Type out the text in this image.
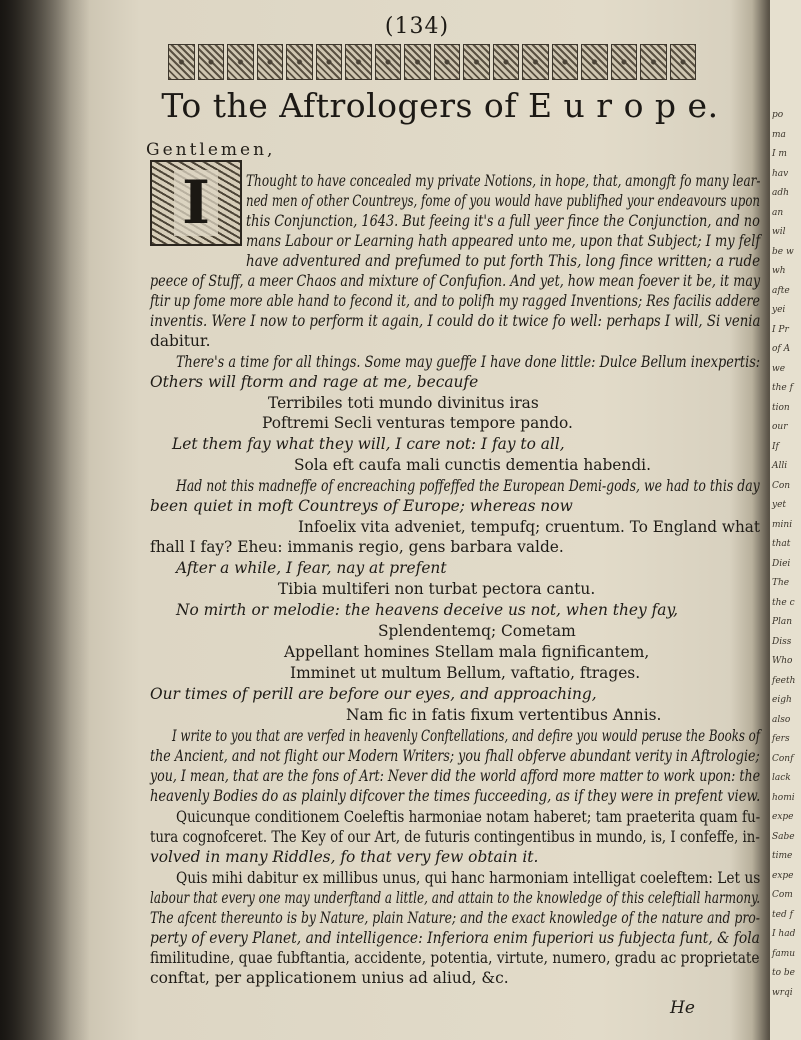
(134)
To the Aftrologers of E u r o p e.
Gentlemen,
I	Thought to have concealed my private Notions, in hope, that, amongft fo many lear-
ned men of other Countreys, fome of you would have publifhed your endeavours upon
this Conjunction, 1643. But feeing it's a full yeer fince the Conjunction, and no
mans Labour or Learning hath appeared unto me, upon that Subject; I my felf
have adventured and prefumed to put forth This, long fince written; a rude
peece of Stuff, a meer Chaos and mixture of Confufion. And yet, how mean foever it be, it may
ftir up fome more able hand to fecond it, and to polifh my ragged Inventions; Res facilis addere
inventis. Were I now to perform it again, I could do it twice fo well: perhaps I will, Si venia
dabitur.
There's a time for all things. Some may gueffe I have done little: Dulce Bellum inexpertis:
Others will ftorm and rage at me, becaufe
Terribiles toti mundo divinitus iras
Poftremi Secli venturas tempore pando.
Let them fay what they will, I care not: I fay to all,
Sola eft caufa mali cunctis dementia habendi.
Had not this madneffe of encreaching poffeffed the European Demi-gods, we had to this day
been quiet in moft Countreys of Europe; whereas now
Infoelix vita adveniet, tempufq; cruentum. To England what
fhall I fay? Eheu: immanis regio, gens barbara valde.
After a while, I fear, nay at prefent
Tibia multiferi non turbat pectora cantu.
No mirth or melodie: the heavens deceive us not, when they fay,
Splendentemq; Cometam
Appellant homines Stellam mala fignificantem,
Imminet ut multum Bellum, vaftatio, ftrages.
Our times of perill are before our eyes, and approaching,
Nam fic in fatis fixum vertentibus Annis.
I write to you that are verfed in heavenly Conftellations, and defire you would peruse the Books of
the Ancient, and not flight our Modern Writers; you fhall obferve abundant verity in Aftrologie;
you, I mean, that are the fons of Art: Never did the world afford more matter to work upon: the
heavenly Bodies do as plainly difcover the times fucceeding, as if they were in prefent view.
Quicunque conditionem Coeleftis harmoniae notam haberet; tam praeterita quam fu-
tura cognofceret. The Key of our Art, de futuris contingentibus in mundo, is, I confeffe, in-
volved in many Riddles, fo that very few obtain it.
Quis mihi dabitur ex millibus unus, qui hanc harmoniam intelligat coeleftem: Let us
labour that every one may underftand a little, and attain to the knowledge of this celeftiall harmony.
The afcent thereunto is by Nature, plain Nature; and the exact knowledge of the nature and pro-
perty of every Planet, and intelligence: Inferiora enim fuperiori us fubjecta funt, & fola
fimilitudine, quae fubftantia, accidente, potentia, virtute, numero, gradu ac proprietate
conftat, per applicationem unius ad aliud, &c.
He
po
ma
I m
hav
adh
an
wil
be w
wh
afte
yei
I Pr
of A
we
the f
tion
our
If
Alli
Con
yet
mini
that
Diei
The
the c
Plan
Diss
Who
feeth
eigh
also
fers
Conf
lack
homi
expe
Sabe
time
expe
Com
ted f
I had
famu
to be
wrqi
